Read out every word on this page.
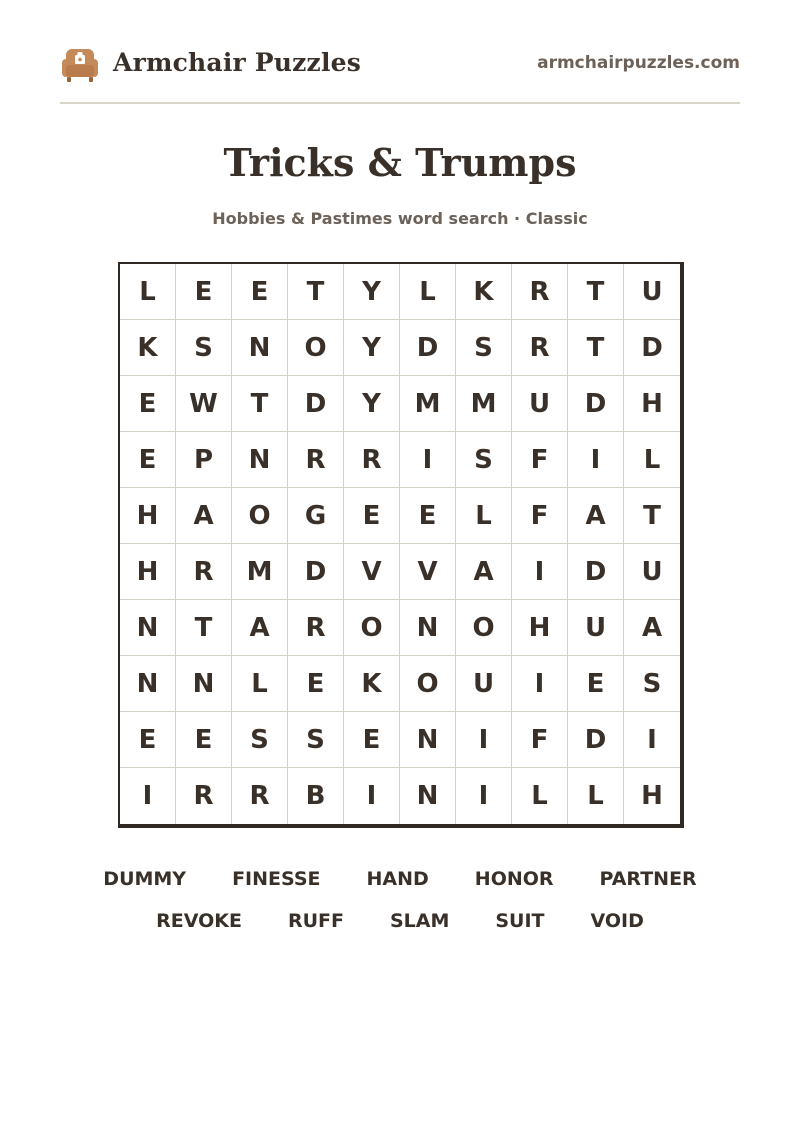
Armchair Puzzles	armchairpuzzles.com
Tricks & Trumps
Hobbies & Pastimes word search · Classic
L	E	E	T	Y	L	K	R	T	U
K	S	N	O	Y	D	S	R	T	D
E	W	T	D	Y	M	M	U	D	H
E	P	N	R	R	I	S	F	I	L
H	A	O	G	E	E	L	F	A	T
H	R	M	D	V	V	A	I	D	U
N	T	A	R	O	N	O	H	U	A
N	N	L	E	K	O	U	I	E	S
E	E	S	S	E	N	I	F	D	I
I	R	R	B	I	N	I	L	L	H
DUMMY FINESSE HAND HONOR PARTNER
REVOKE RUFF SLAM SUIT VOID
